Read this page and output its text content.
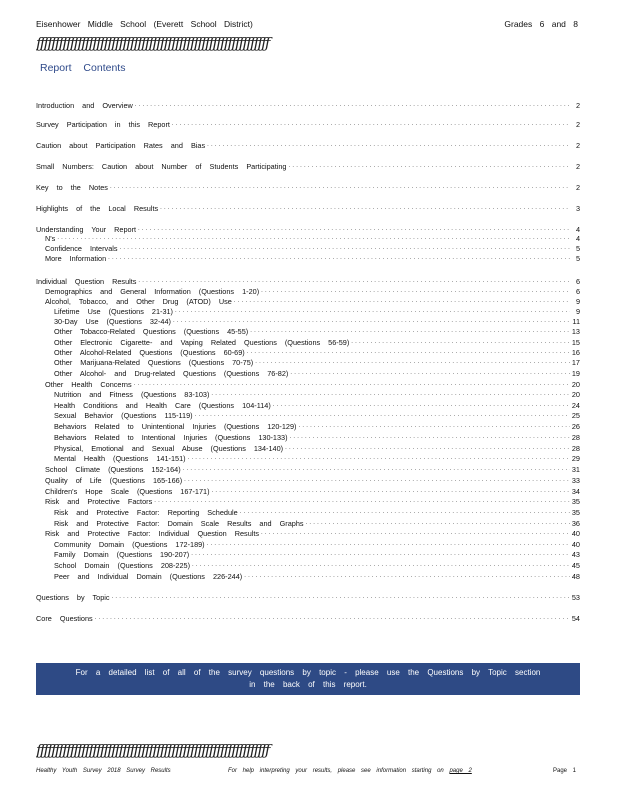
Eisenhower Middle School (Everett School District)	Grades 6 and 8
ƒƒƒƒƒƒƒƒƒƒƒƒƒƒƒƒƒƒƒƒƒƒƒƒƒƒƒƒƒƒƒƒƒƒƒƒƒƒƒƒƒƒƒƒƒƒƒƒƒƒƒƒƒƒƒƒƒƒƒƒƒƒ
Report Contents
Introduction and Overview .....	2
Survey Participation in this Report .....	2
Caution about Participation Rates and Bias .....	2
Small Numbers: Caution about Number of Students Participating .....	2
Key to the Notes .....	2
Highlights of the Local Results .....	3
Understanding Your Report .....	4
N's .....	4
Confidence Intervals .....	5
More Information .....	5
Individual Question Results .....	6
Demographics and General Information (Questions 1-20) .....	6
Alcohol, Tobacco, and Other Drug (ATOD) Use .....	9
Lifetime Use (Questions 21-31) .....	9
30-Day Use (Questions 32-44) .....	11
Other Tobacco-Related Questions (Questions 45-55) .....	13
Other Electronic Cigarette- and Vaping Related Questions (Questions 56-59) .....	15
Other Alcohol-Related Questions (Questions 60-69) .....	16
Other Marijuana-Related Questions (Questions 70-75) .....	17
Other Alcohol- and Drug-related Questions (Questions 76-82) .....	19
Other Health Concerns .....	20
Nutrition and Fitness (Questions 83-103) .....	20
Health Conditions and Health Care (Questions 104-114) .....	24
Sexual Behavior (Questions 115-119) .....	25
Behaviors Related to Unintentional Injuries (Questions 120-129) .....	26
Behaviors Related to Intentional Injuries (Questions 130-133) .....	28
Physical, Emotional and Sexual Abuse (Questions 134-140) .....	28
Mental Health (Questions 141-151) .....	29
School Climate (Questions 152-164) .....	31
Quality of Life (Questions 165-166) .....	33
Children's Hope Scale (Questions 167-171) .....	34
Risk and Protective Factors .....	35
Risk and Protective Factor: Reporting Schedule .....	35
Risk and Protective Factor: Domain Scale Results and Graphs .....	36
Risk and Protective Factor: Individual Question Results .....	40
Community Domain (Questions 172-189) .....	40
Family Domain (Questions 190-207) .....	43
School Domain (Questions 208-225) .....	45
Peer and Individual Domain (Questions 226-244) .....	48
Questions by Topic .....	53
Core Questions .....	54
For a detailed list of all of the survey questions by topic - please use the Questions by Topic section
in the back of this report.
ƒƒƒƒƒƒƒƒƒƒƒƒƒƒƒƒƒƒƒƒƒƒƒƒƒƒƒƒƒƒƒƒƒƒƒƒƒƒƒƒƒƒƒƒƒƒƒƒƒƒƒƒƒƒƒƒƒƒƒƒƒƒ
Healthy Youth Survey 2018 Survey Results	For help interpreting your results, please see information starting on page 2	Page 1
